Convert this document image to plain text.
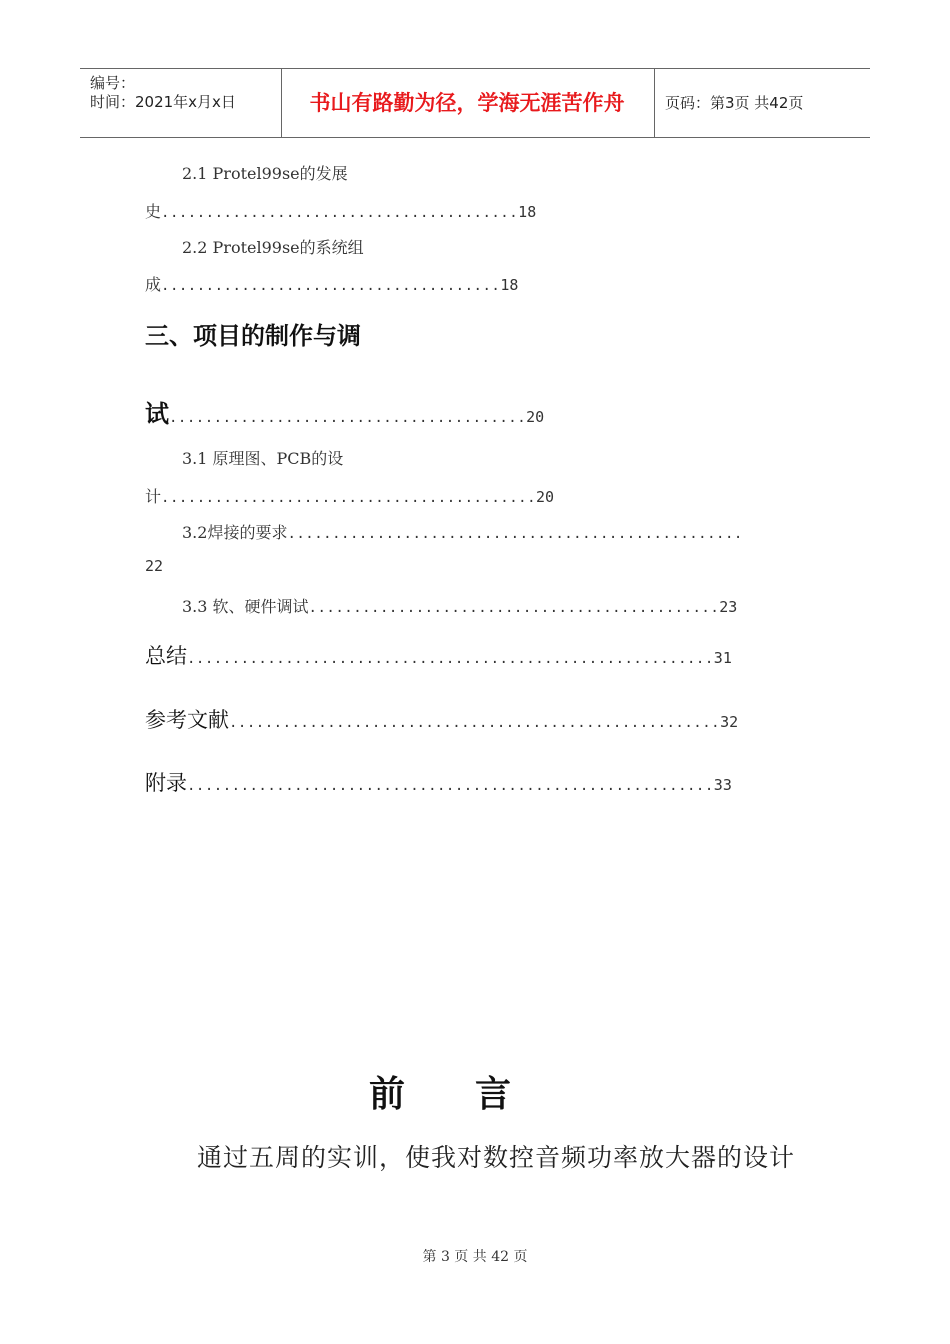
编号：
时间：2021年x月x日	书山有路勤为径，学海无涯苦作舟	页码：第3页 共42页
2.1 Protel99se的发展
史........................................18
2.2 Protel99se的系统组
成......................................18
三、项目的制作与调
试........................................20
3.1 原理图、PCB的设
计..........................................20
3.2焊接的要求...................................................
22
3.3 软、硬件调试..............................................23
总结...........................................................31
参考文献.......................................................32
附录...........................................................33
前言
通过五周的实训，使我对数控音频功率放大器的设计
第 3 页 共 42 页
